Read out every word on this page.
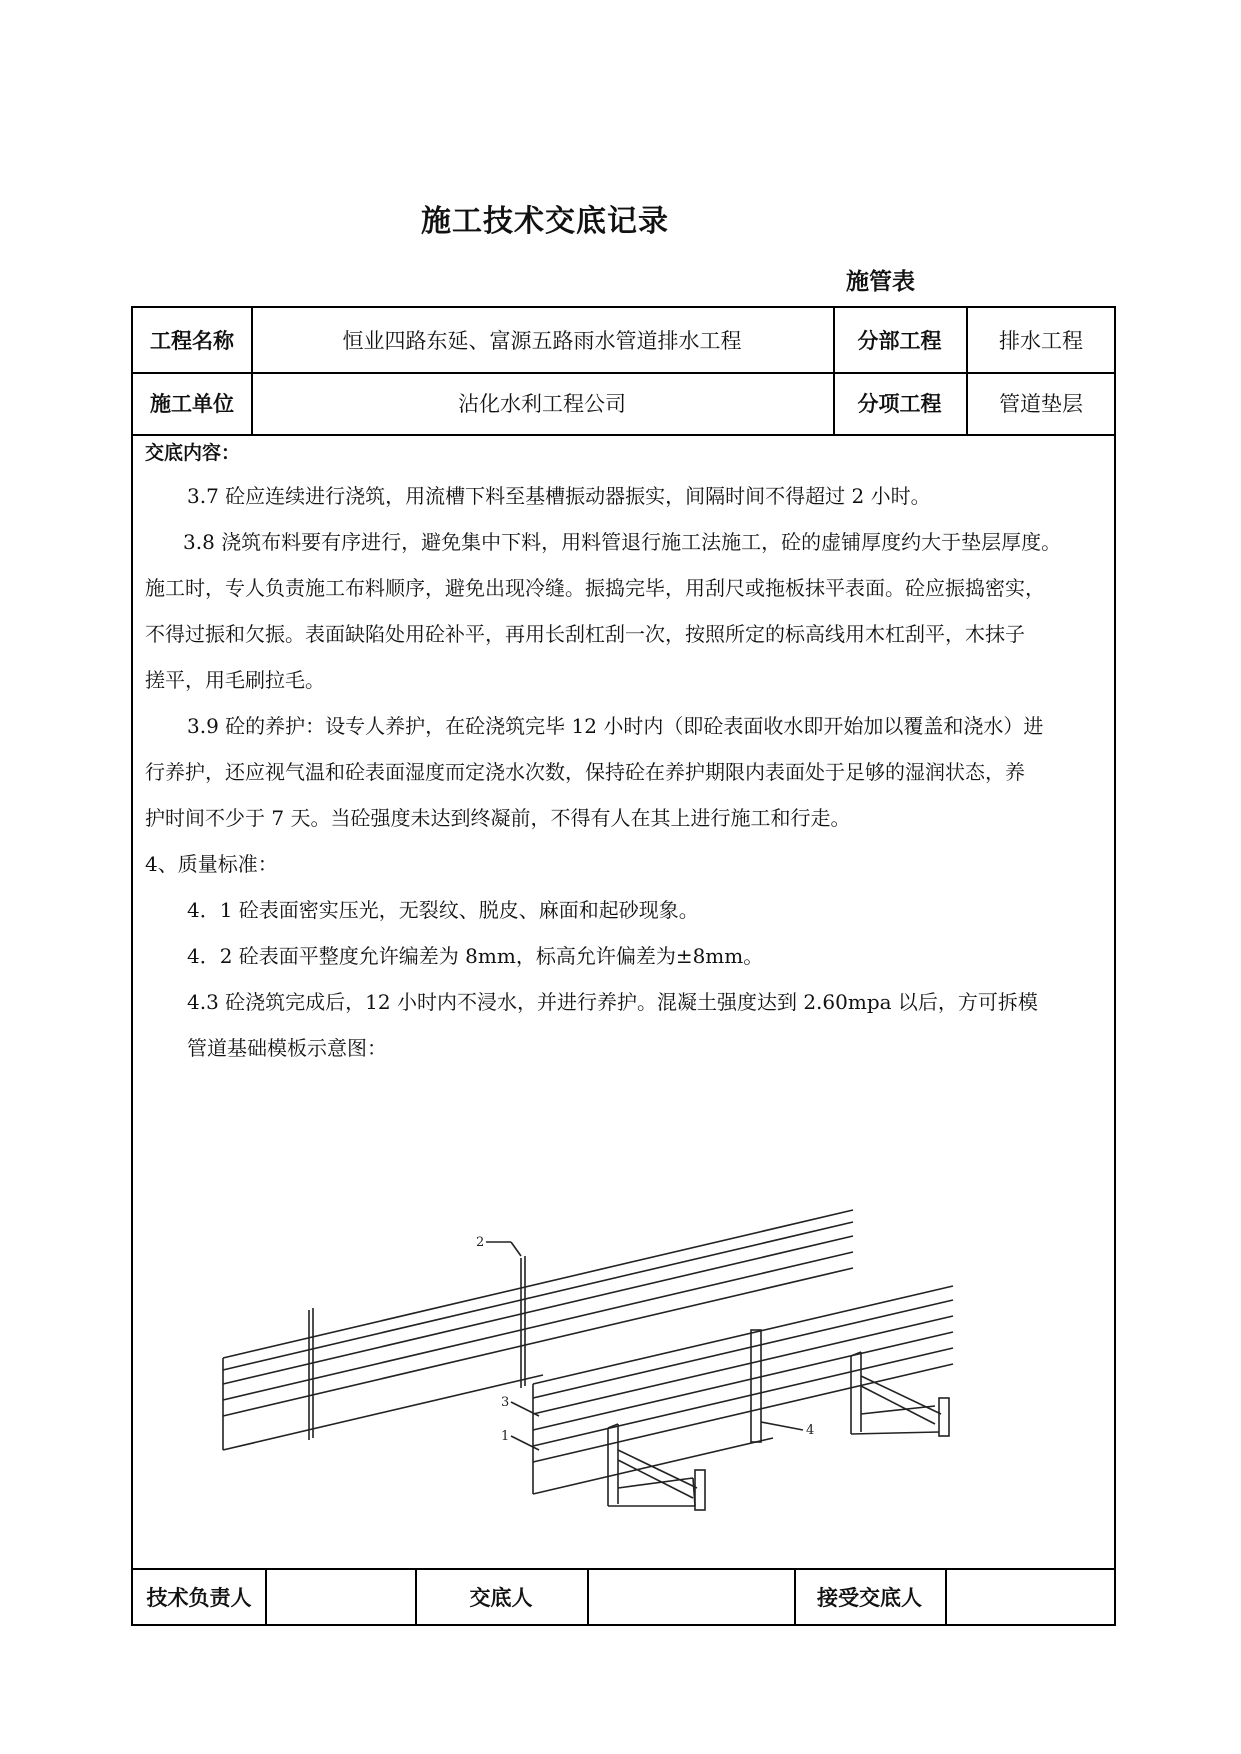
施工技术交底记录
施管表
工程名称	恒业四路东延、富源五路雨水管道排水工程	分部工程	排水工程
施工单位	沾化水利工程公司	分项工程	管道垫层
交底内容：
3.7 砼应连续进行浇筑，用流槽下料至基槽振动器振实，间隔时间不得超过 2 小时。
3.8 浇筑布料要有序进行，避免集中下料，用料管退行施工法施工，砼的虚铺厚度约大于垫层厚度。
施工时，专人负责施工布料顺序，避免出现冷缝。振捣完毕，用刮尺或拖板抹平表面。砼应振捣密实，
不得过振和欠振。表面缺陷处用砼补平，再用长刮杠刮一次，按照所定的标高线用木杠刮平，木抹子
搓平，用毛刷拉毛。
3.9 砼的养护：设专人养护，在砼浇筑完毕 12 小时内（即砼表面收水即开始加以覆盖和浇水）进
行养护，还应视气温和砼表面湿度而定浇水次数，保持砼在养护期限内表面处于足够的湿润状态，养
护时间不少于 7 天。当砼强度未达到终凝前，不得有人在其上进行施工和行走。
4、质量标准：
4．1 砼表面密实压光，无裂纹、脱皮、麻面和起砂现象。
4．2 砼表面平整度允许编差为 8mm，标高允许偏差为±8mm。
4.3 砼浇筑完成后，12 小时内不浸水，并进行养护。混凝土强度达到 2.60mpa 以后，方可拆模
管道基础模板示意图：
2
3
1	4
技术负责人	交底人	接受交底人
